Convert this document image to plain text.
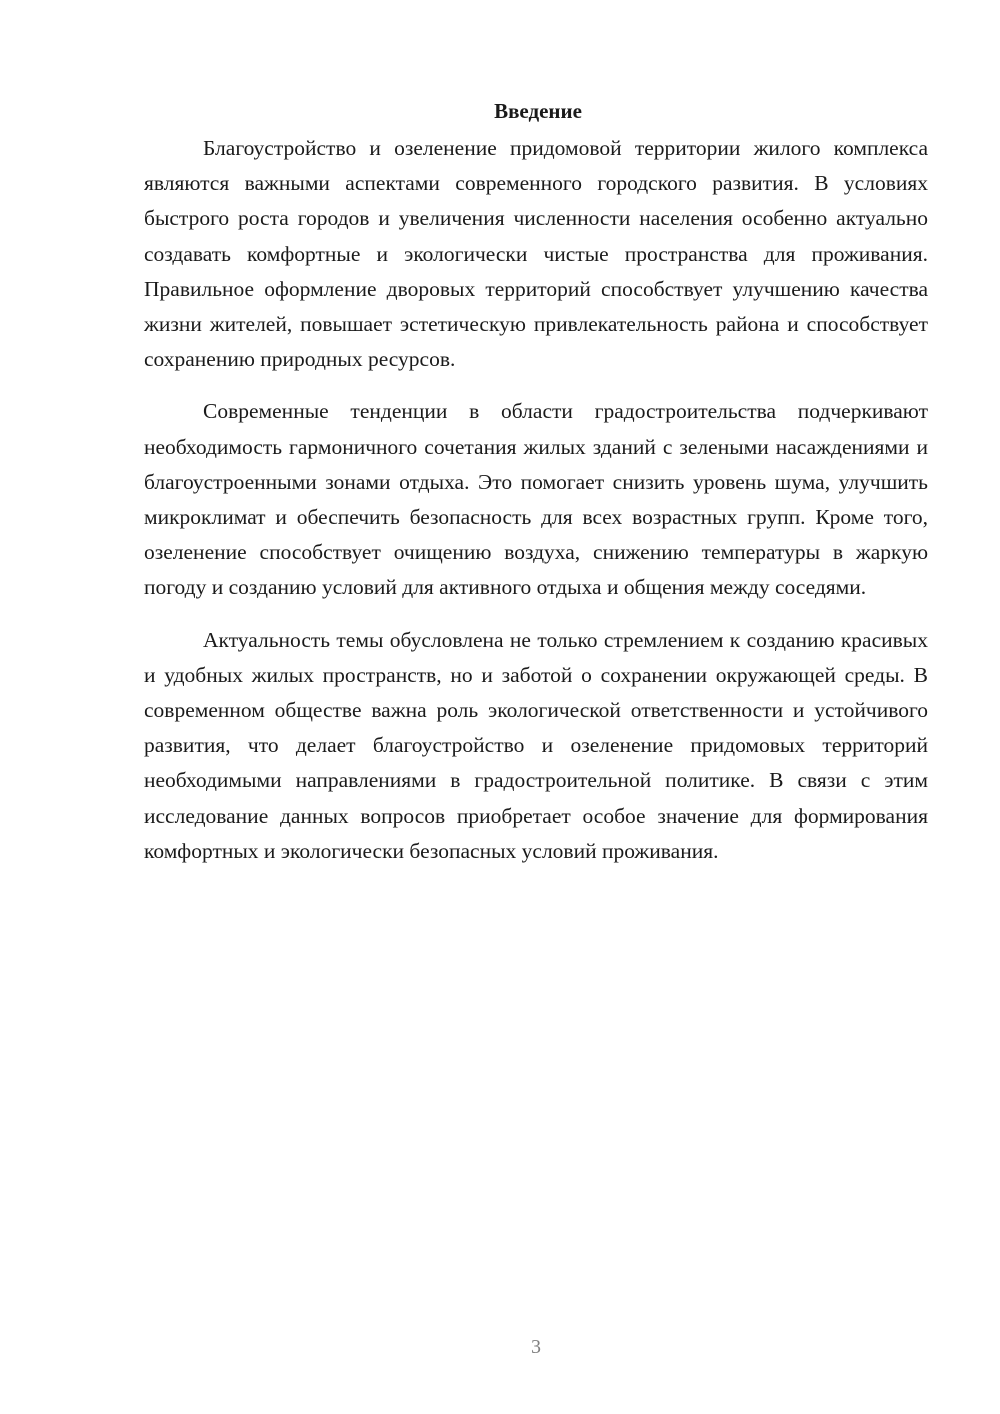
Введение

Благоустройство и озеленение придомовой территории жилого комплекса являются важными аспектами современного городского развития. В условиях быстрого роста городов и увеличения численности населения особенно актуально создавать комфортные и экологически чистые пространства для проживания. Правильное оформление дворовых территорий способствует улучшению качества жизни жителей, повышает эстетическую привлекательность района и способствует сохранению природных ресурсов.

Современные тенденции в области градостроительства подчеркивают необходимость гармоничного сочетания жилых зданий с зелеными насаждениями и благоустроенными зонами отдыха. Это помогает снизить уровень шума, улучшить микроклимат и обеспечить безопасность для всех возрастных групп. Кроме того, озеленение способствует очищению воздуха, снижению температуры в жаркую погоду и созданию условий для активного отдыха и общения между соседями.

Актуальность темы обусловлена не только стремлением к созданию красивых и удобных жилых пространств, но и заботой о сохранении окружающей среды. В современном обществе важна роль экологической ответственности и устойчивого развития, что делает благоустройство и озеленение придомовых территорий необходимыми направлениями в градостроительной политике. В связи с этим исследование данных вопросов приобретает особое значение для формирования комфортных и экологически безопасных условий проживания.

3
